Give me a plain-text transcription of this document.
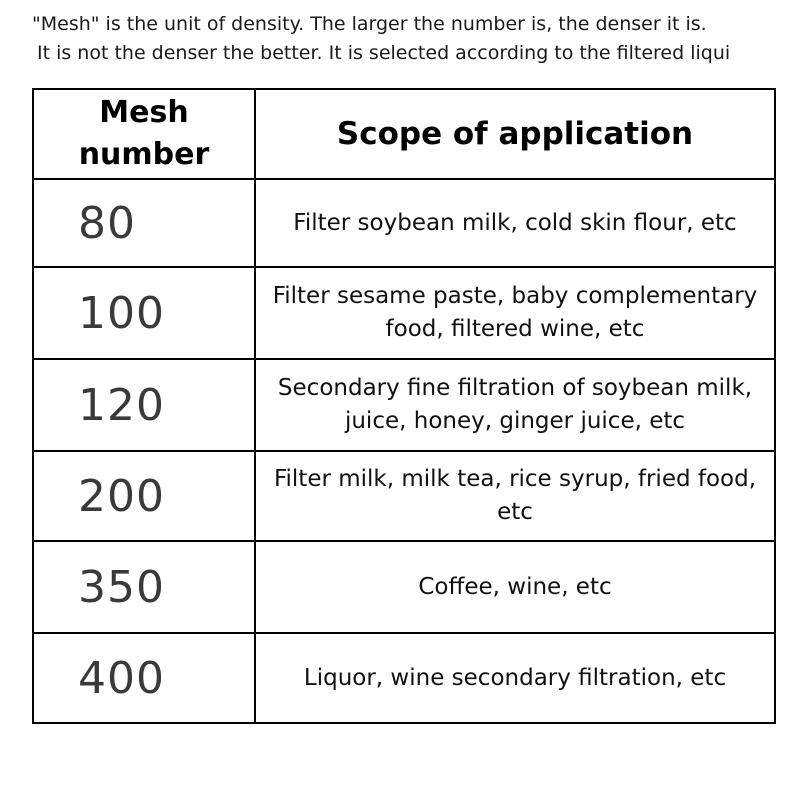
"Mesh" is the unit of density. The larger the number is, the denser it is.
It is not the denser the better. It is selected according to the filtered liqui
Mesh
number	Scope of application
80	Filter soybean milk, cold skin flour, etc

100	Filter sesame paste, baby complementary
food, filtered wine, etc

120	Secondary fine filtration of soybean milk,
juice, honey, ginger juice, etc

200	Filter milk, milk tea, rice syrup, fried food,
etc

350	Coffee, wine, etc

400	Liquor, wine secondary filtration, etc
